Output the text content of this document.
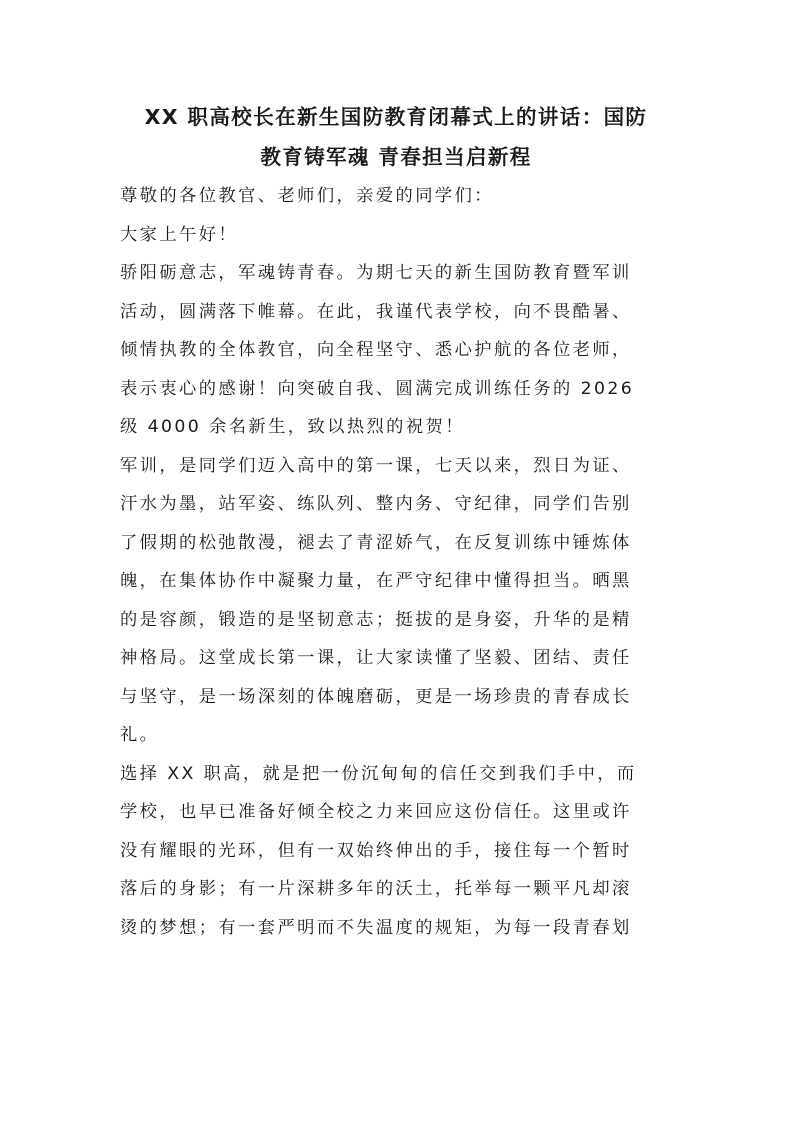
XX 职高校长在新生国防教育闭幕式上的讲话：国防
教育铸军魂 青春担当启新程

尊敬的各位教官、老师们，亲爱的同学们：

大家上午好！

骄阳砺意志，军魂铸青春。为期七天的新生国防教育暨军训
活动，圆满落下帷幕。在此，我谨代表学校，向不畏酷暑、
倾情执教的全体教官，向全程坚守、悉心护航的各位老师，
表示衷心的感谢！向突破自我、圆满完成训练任务的 2026
级 4000 余名新生，致以热烈的祝贺！

军训，是同学们迈入高中的第一课，七天以来，烈日为证、
汗水为墨，站军姿、练队列、整内务、守纪律，同学们告别
了假期的松弛散漫，褪去了青涩娇气，在反复训练中锤炼体
魄，在集体协作中凝聚力量，在严守纪律中懂得担当。晒黑
的是容颜，锻造的是坚韧意志；挺拔的是身姿，升华的是精
神格局。这堂成长第一课，让大家读懂了坚毅、团结、责任
与坚守，是一场深刻的体魄磨砺，更是一场珍贵的青春成长
礼。

选择 XX 职高，就是把一份沉甸甸的信任交到我们手中，而
学校，也早已准备好倾全校之力来回应这份信任。这里或许
没有耀眼的光环，但有一双始终伸出的手，接住每一个暂时
落后的身影；有一片深耕多年的沃土，托举每一颗平凡却滚
烫的梦想；有一套严明而不失温度的规矩，为每一段青春划
